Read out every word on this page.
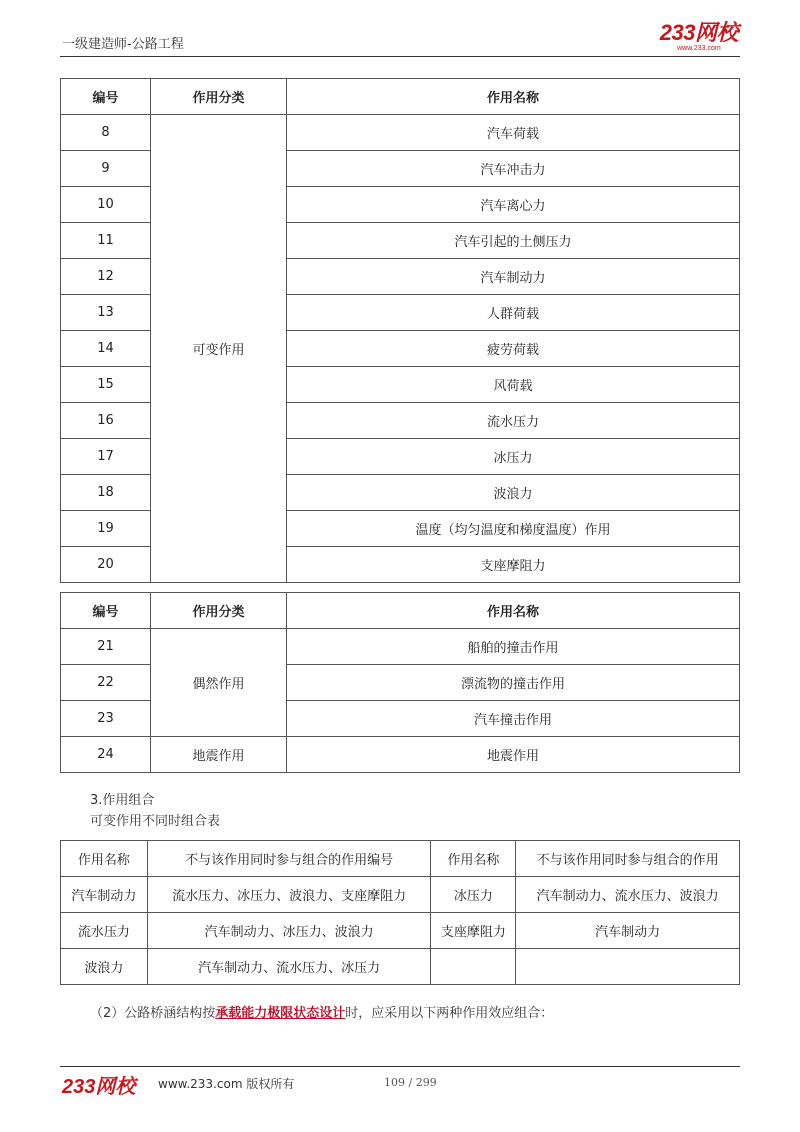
一级建造师-公路工程	233网校
www.233.com
编号	作用分类	作用名称
8	可变作用	汽车荷载
9		汽车冲击力
10		汽车离心力
11		汽车引起的土侧压力
12		汽车制动力
13		人群荷载
14		疲劳荷载
15		风荷载
16		流水压力
17		冰压力
18		波浪力
19		温度（均匀温度和梯度温度）作用
20		支座摩阻力
编号	作用分类	作用名称
21	偶然作用	船舶的撞击作用
22		漂流物的撞击作用
23		汽车撞击作用
24	地震作用	地震作用
3.作用组合
可变作用不同时组合表
作用名称	不与该作用同时参与组合的作用编号	作用名称	不与该作用同时参与组合的作用
汽车制动力	流水压力、冰压力、波浪力、支座摩阻力	冰压力	汽车制动力、流水压力、波浪力
流水压力	汽车制动力、冰压力、波浪力	支座摩阻力	汽车制动力
波浪力	汽车制动力、流水压力、冰压力		
（2）公路桥涵结构按承载能力极限状态设计时，应采用以下两种作用效应组合：
233网校 www.233.com 版权所有	109 / 299
